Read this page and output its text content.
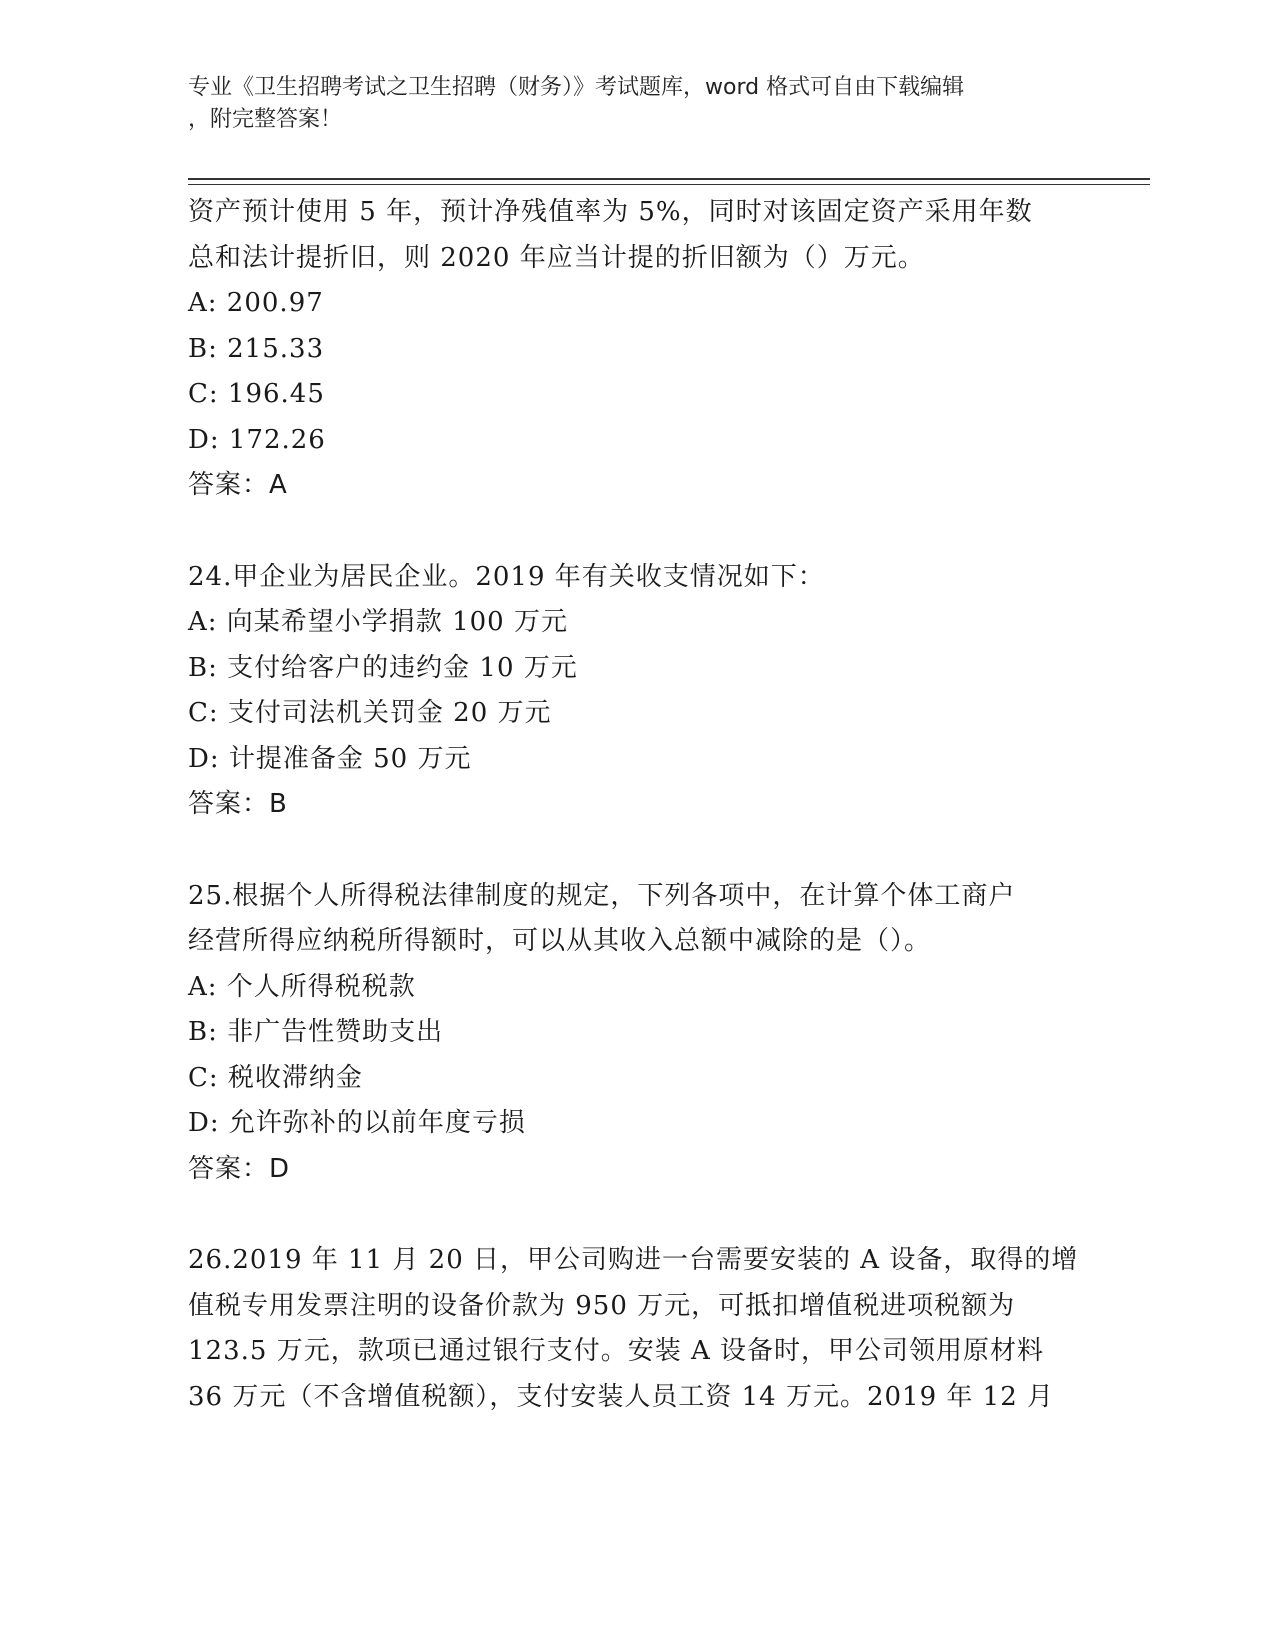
专业《卫生招聘考试之卫生招聘（财务）》考试题库，word 格式可自由下载编辑
，附完整答案！
资产预计使用 5 年，预计净残值率为 5%，同时对该固定资产采用年数
总和法计提折旧，则 2020 年应当计提的折旧额为（）万元。
A: 200.97
B: 215.33
C: 196.45
D: 172.26
答案：A
24.甲企业为居民企业。2019 年有关收支情况如下：
A: 向某希望小学捐款 100 万元
B: 支付给客户的违约金 10 万元
C: 支付司法机关罚金 20 万元
D: 计提准备金 50 万元
答案：B
25.根据个人所得税法律制度的规定，下列各项中，在计算个体工商户
经营所得应纳税所得额时，可以从其收入总额中减除的是（）。
A: 个人所得税税款
B: 非广告性赞助支出
C: 税收滞纳金
D: 允许弥补的以前年度亏损
答案：D
26.2019 年 11 月 20 日，甲公司购进一台需要安装的 A 设备，取得的增
值税专用发票注明的设备价款为 950 万元，可抵扣增值税进项税额为
123.5 万元，款项已通过银行支付。安装 A 设备时，甲公司领用原材料
36 万元（不含增值税额），支付安装人员工资 14 万元。2019 年 12 月
